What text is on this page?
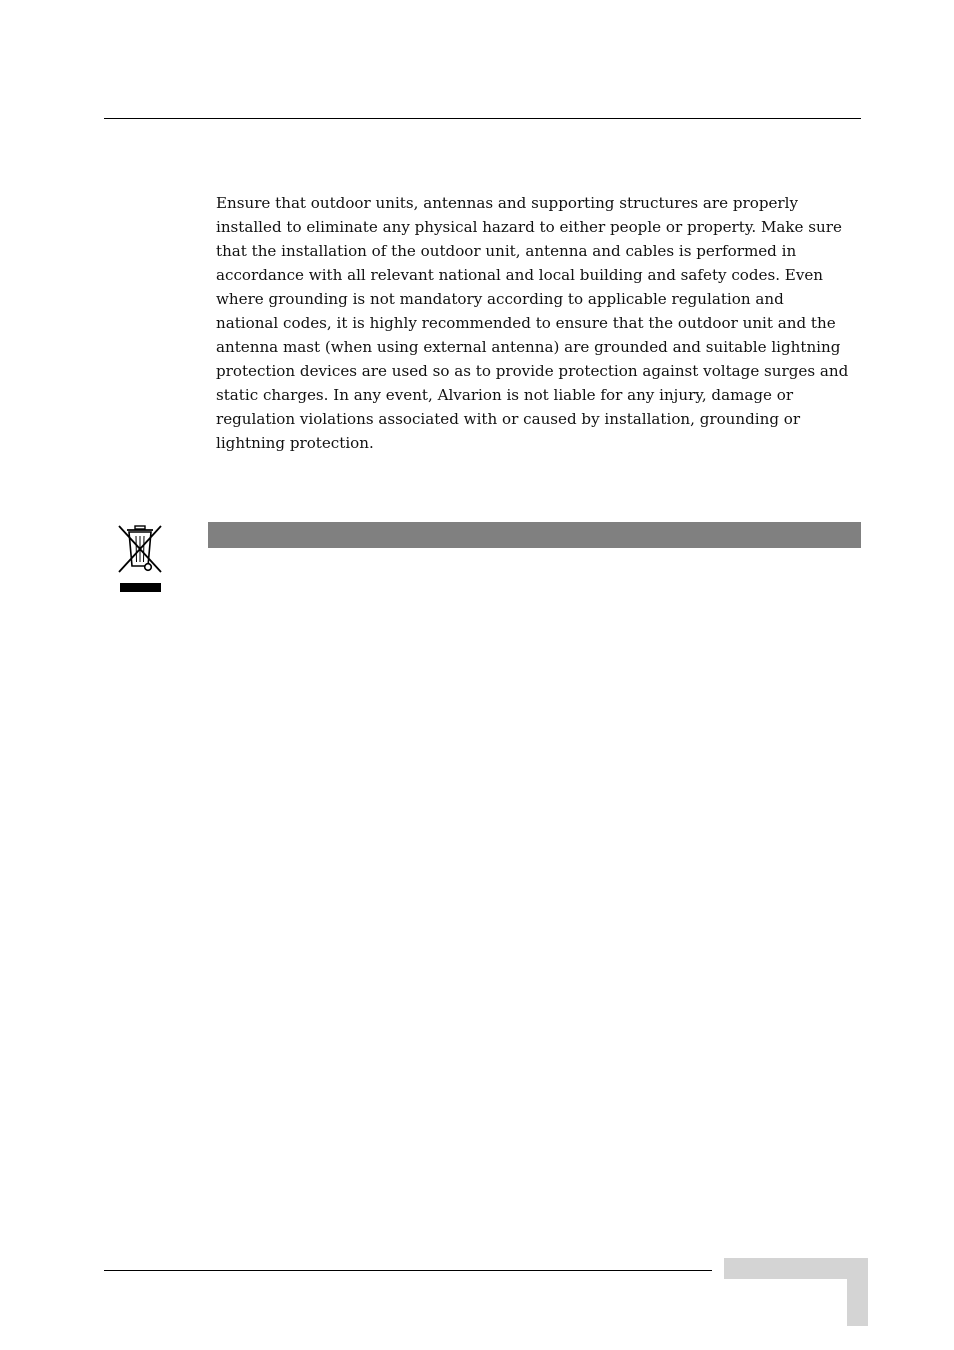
Ensure that outdoor units, antennas and supporting structures are properly
installed to eliminate any physical hazard to either people or property. Make sure
that the installation of the outdoor unit, antenna and cables is performed in
accordance with all relevant national and local building and safety codes. Even
where grounding is not mandatory according to applicable regulation and
national codes, it is highly recommended to ensure that the outdoor unit and the
antenna mast (when using external antenna) are grounded and suitable lightning
protection devices are used so as to provide protection against voltage surges and
static charges. In any event, Alvarion is not liable for any injury, damage or
regulation violations associated with or caused by installation, grounding or
lightning protection.
